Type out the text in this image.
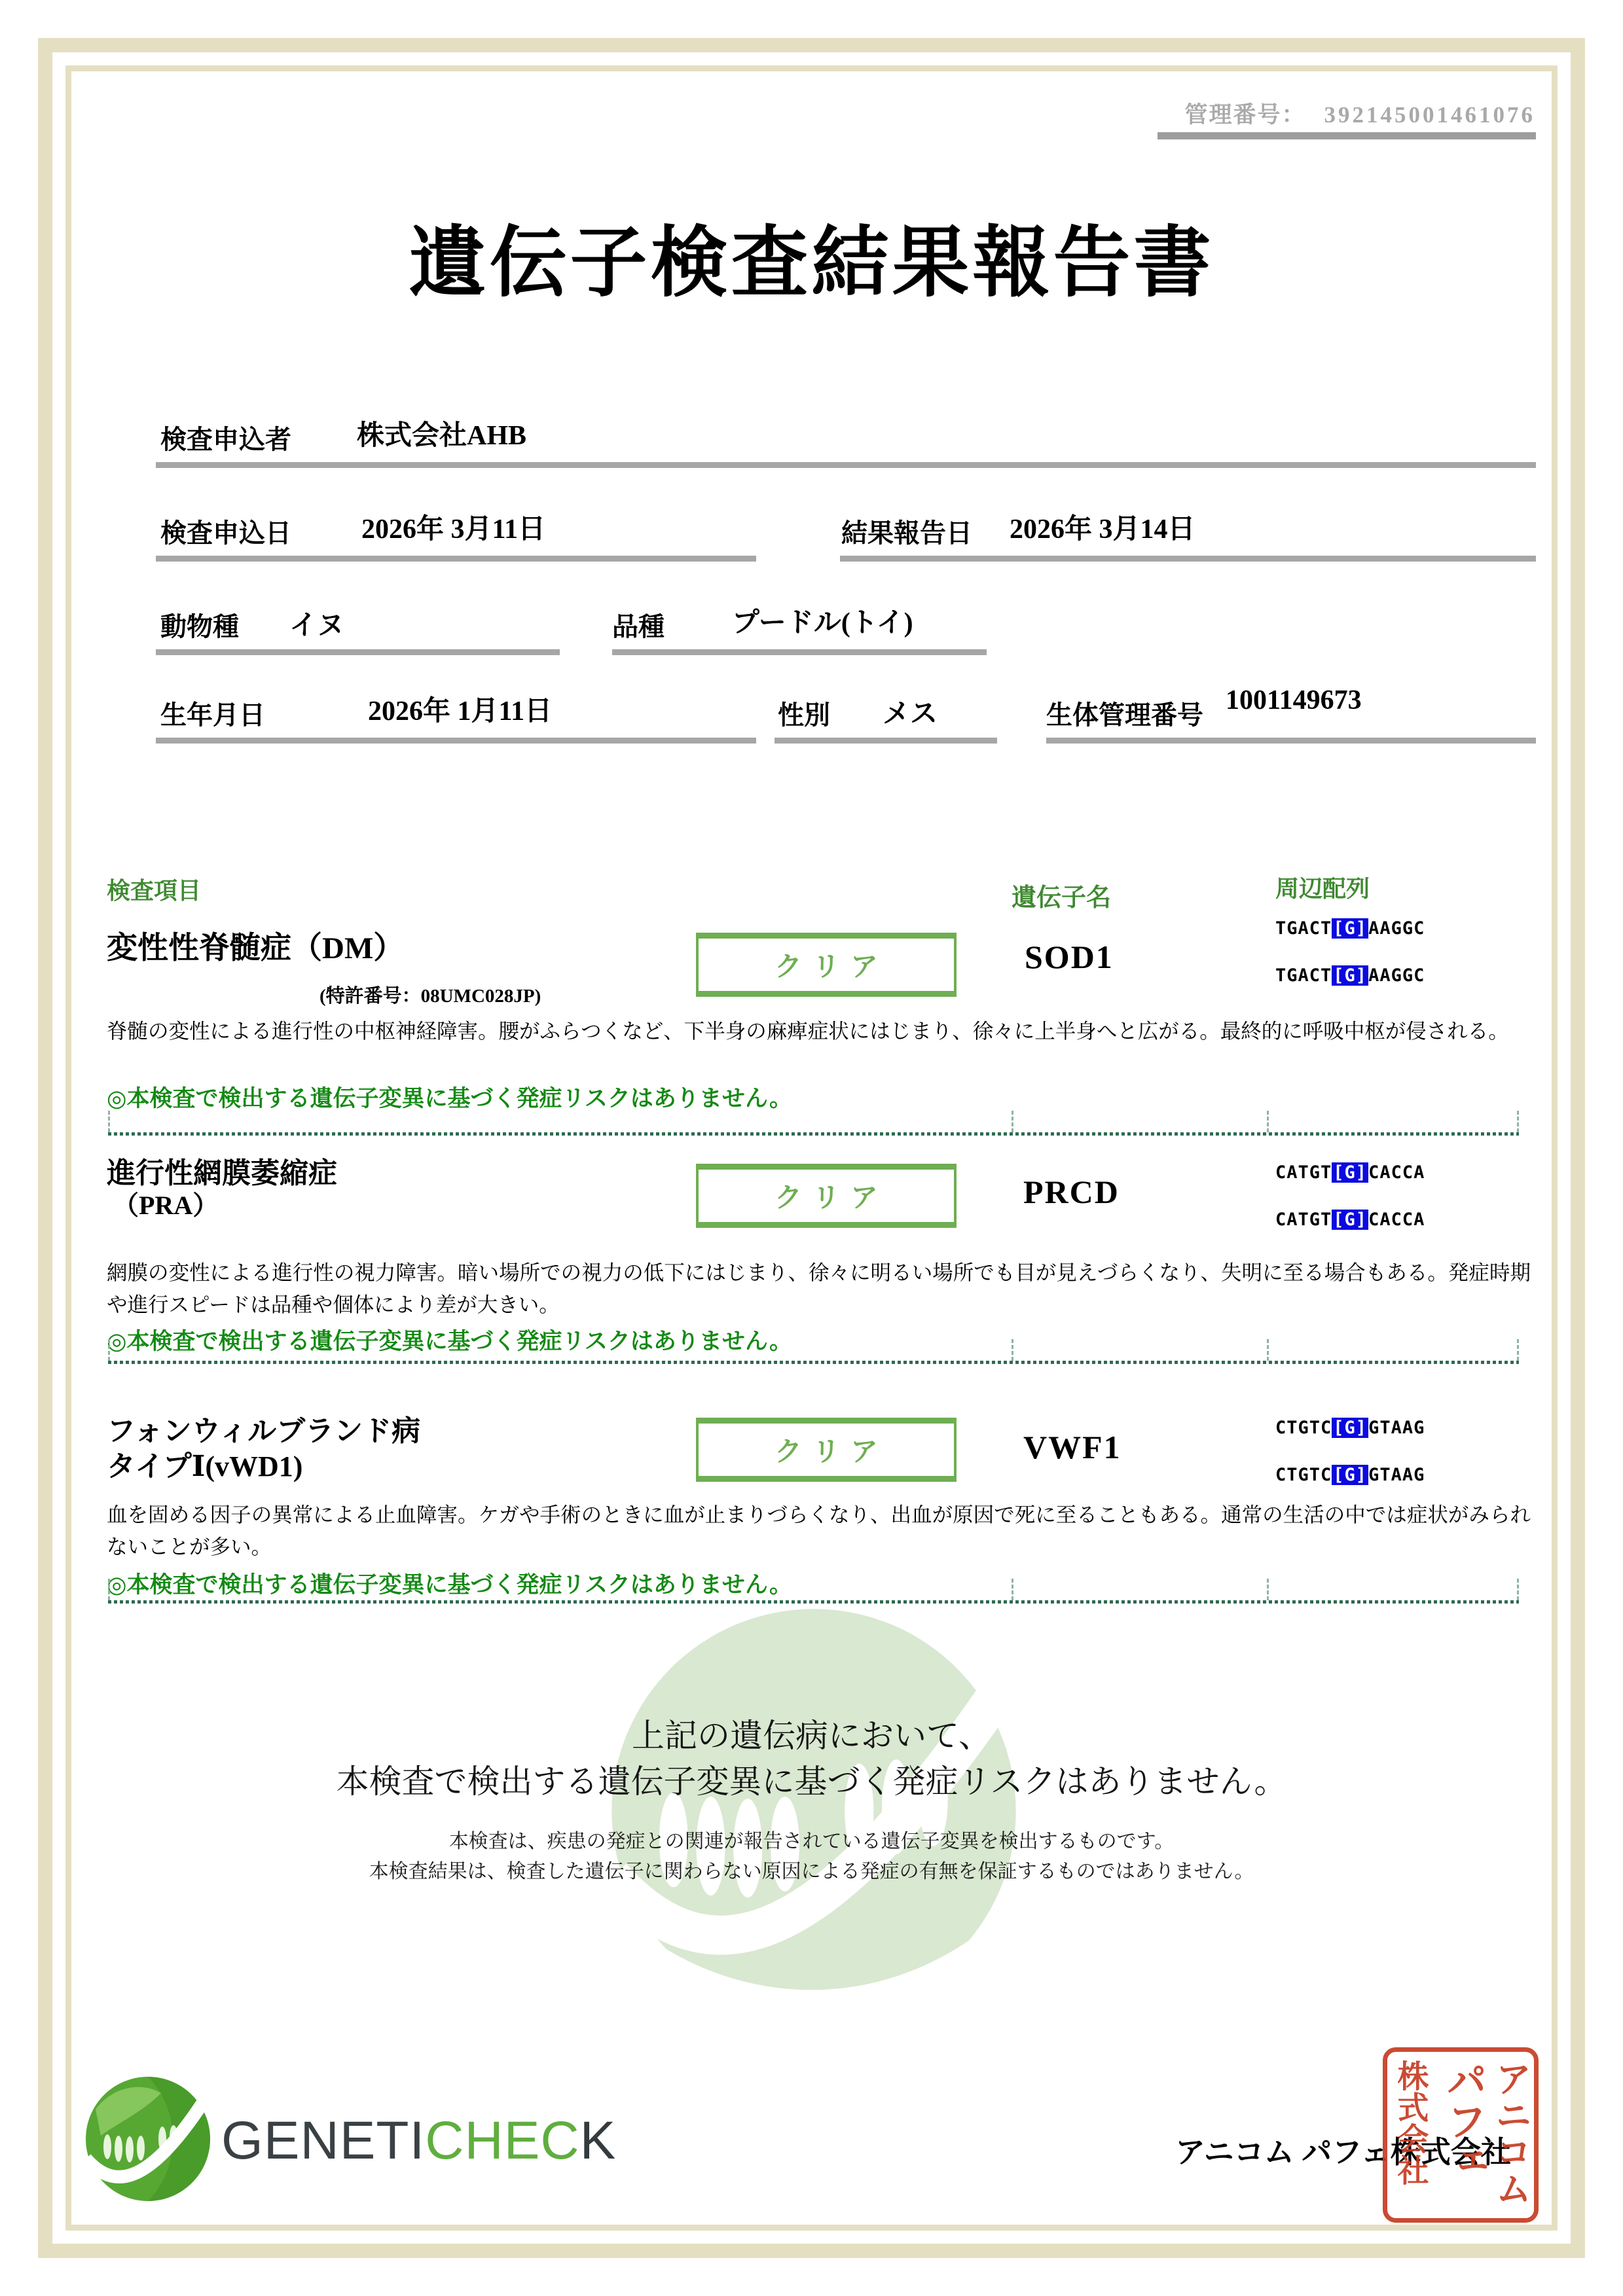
管理番号： 392145001461076
遺伝子検査結果報告書
検査申込者 株式会社AHB
検査申込日	2026年 3月11日	結果報告日 2026年 3月14日
動物種 イヌ	品種 プードル(トイ)
生年月日	2026年 1月11日	性別 メス	生体管理番号 1001149673
検査項目	遺伝子名	周辺配列
変性性脊髄症（DM）
(特許番号：08UMC028JP)
クリア	SOD1
TGACT[G]AAGGC
TGACT[G]AAGGC
脊髄の変性による進行性の中枢神経障害。腰がふらつくなど、下半身の麻痺症状にはじまり、徐々に上半身へと広がる。最終的に呼吸中枢が侵される。
◎本検査で検出する遺伝子変異に基づく発症リスクはありません。
進行性網膜萎縮症
（PRA）	クリア	PRCD
CATGT[G]CACCA
CATGT[G]CACCA
網膜の変性による進行性の視力障害。暗い場所での視力の低下にはじまり、徐々に明るい場所でも目が見えづらくなり、失明に至る場合もある。発症時期や進行スピードは品種や個体により差が大きい。
◎本検査で検出する遺伝子変異に基づく発症リスクはありません。
フォンウィルブランド病
タイプⅠ(vWD1)	クリア	VWF1
CTGTC[G]GTAAG
CTGTC[G]GTAAG
血を固める因子の異常による止血障害。ケガや手術のときに血が止まりづらくなり、出血が原因で死に至ることもある。通常の生活の中では症状がみられないことが多い。
◎本検査で検出する遺伝子変異に基づく発症リスクはありません。
上記の遺伝病において、
本検査で検出する遺伝子変異に基づく発症リスクはありません。
本検査は、疾患の発症との関連が報告されている遺伝子変異を検出するものです。
本検査結果は、検査した遺伝子に関わらない原因による発症の有無を保証するものではありません。
GENETICHECK	アニコム パフェ株式会社
アニコム
パフェ
株式会社
